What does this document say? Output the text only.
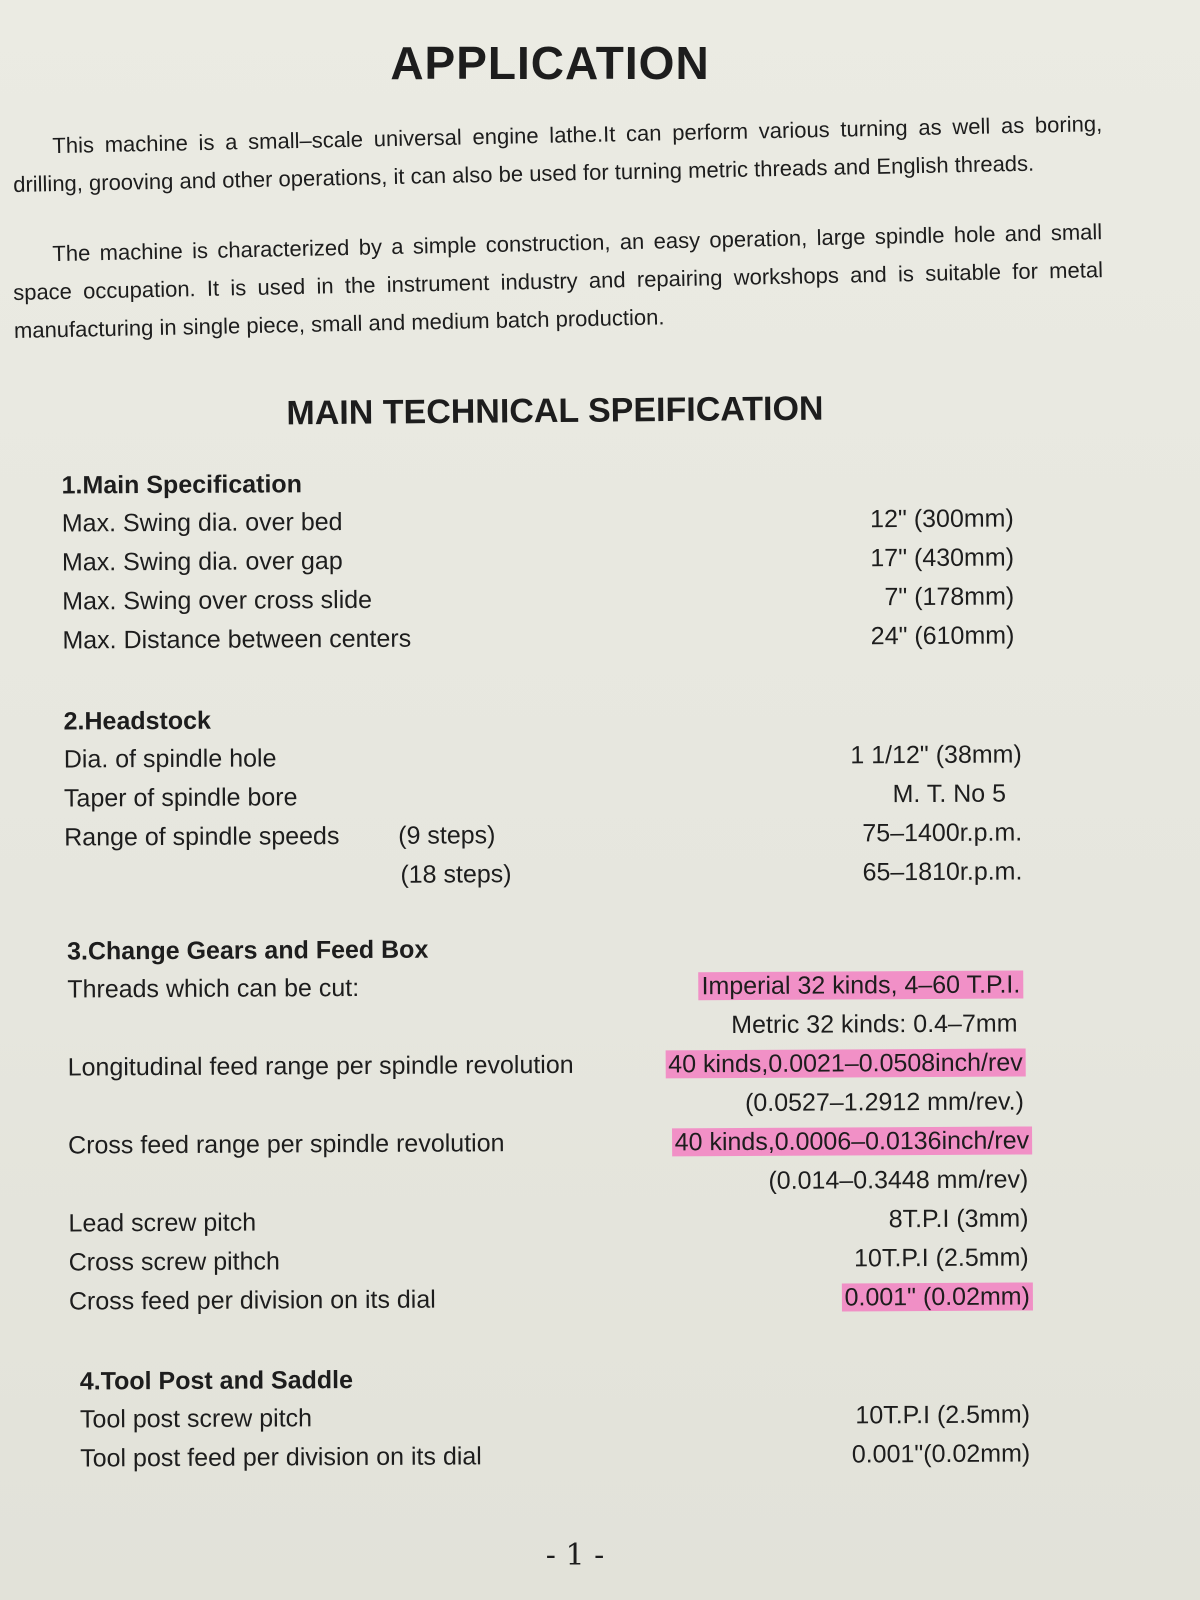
APPLICATION
This machine is a small–scale universal engine lathe.It can perform various turning as well as boring, drilling, grooving and other operations, it can also be used for turning metric threads and English threads.
The machine is characterized by a simple construction, an easy operation, large spindle hole and small space occupation. It is used in the instrument industry and repairing workshops and is suitable for metal manufacturing in single piece, small and medium batch production.
MAIN TECHNICAL SPEIFICATION
1.Main Specification
Max. Swing dia. over bed	12" (300mm)
Max. Swing dia. over gap	17" (430mm)
Max. Swing over cross slide	7" (178mm)
Max. Distance between centers	24" (610mm)
2.Headstock
Dia. of spindle hole	1 1/12" (38mm)
Taper of spindle bore	M. T. No 5
Range of spindle speeds (9 steps)	75–1400r.p.m.
(18 steps)	65–1810r.p.m.
3.Change Gears and Feed Box
Threads which can be cut:	Imperial 32 kinds, 4–60 T.P.I.
Metric 32 kinds: 0.4–7mm
Longitudinal feed range per spindle revolution	40 kinds,0.0021–0.0508inch/rev
(0.0527–1.2912 mm/rev.)
Cross feed range per spindle revolution	40 kinds,0.0006–0.0136inch/rev
(0.014–0.3448 mm/rev)
Lead screw pitch	8T.P.I (3mm)
Cross screw pithch	10T.P.I (2.5mm)
Cross feed per division on its dial	0.001" (0.02mm)
4.Tool Post and Saddle
Tool post screw pitch	10T.P.I (2.5mm)
Tool post feed per division on its dial	0.001"(0.02mm)
- 1 -
